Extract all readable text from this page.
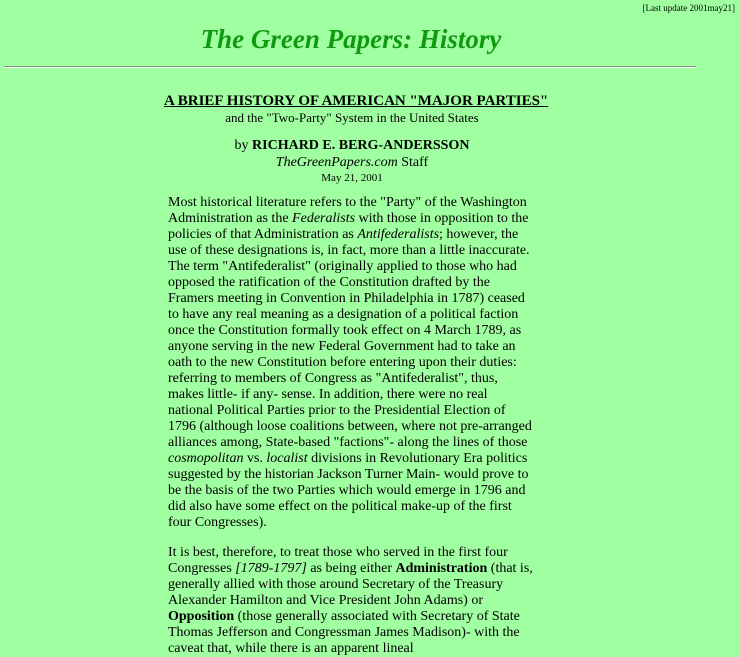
[Last update 2001may21]
The Green Papers: History
A BRIEF HISTORY OF AMERICAN "MAJOR PARTIES"
and the "Two-Party" System in the United States
by RICHARD E. BERG-ANDERSSON
TheGreenPapers.com Staff
May 21, 2001

Most historical literature refers to the "Party" of the Washington Administration as the Federalists with those in opposition to the policies of that Administration as Antifederalists; however, the use of these designations is, in fact, more than a little inaccurate. The term "Antifederalist" (originally applied to those who had opposed the ratification of the Constitution drafted by the Framers meeting in Convention in Philadelphia in 1787) ceased to have any real meaning as a designation of a political faction once the Constitution formally took effect on 4 March 1789, as anyone serving in the new Federal Government had to take an oath to the new Constitution before entering upon their duties: referring to members of Congress as "Antifederalist", thus, makes little- if any- sense. In addition, there were no real national Political Parties prior to the Presidential Election of 1796 (although loose coalitions between, where not pre-arranged alliances among, State-based "factions"- along the lines of those cosmopolitan vs. localist divisions in Revolutionary Era politics suggested by the historian Jackson Turner Main- would prove to be the basis of the two Parties which would emerge in 1796 and did also have some effect on the political make-up of the first four Congresses).

It is best, therefore, to treat those who served in the first four Congresses [1789-1797] as being either Administration (that is, generally allied with those around Secretary of the Treasury Alexander Hamilton and Vice President John Adams) or Opposition (those generally associated with Secretary of State Thomas Jefferson and Congressman James Madison)- with the caveat that, while there is an apparent lineal
